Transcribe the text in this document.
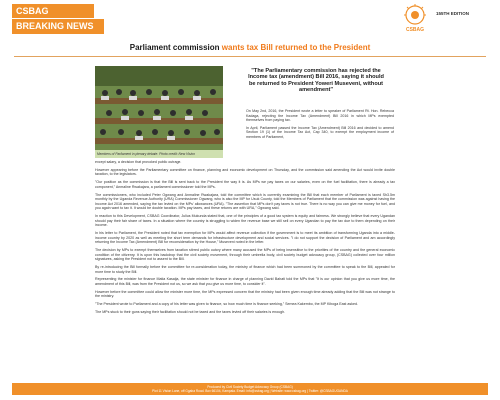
CSBAG
BREAKING NEWS	CSBAG
155TH EDITION
Parliament commission wants tax Bill returned to the President
Members of Parliament in plenary debate. Photo credit: New Vision
"The Parliamentary commission has rejected the Income tax (amendment) Bill 2016, saying it should be returned to President Yoweri Museveni, without amendment"

On May 2nd, 2016, the President wrote a letter to speaker of Parliament Rt. Hon. Rebecca Kadaga, rejecting the Income Tax (Amendment) Bill 2016 in which MPs exempted themselves from paying tax.

In April, Parliament passed the Income Tax (Amendment) Bill 2016 and decided to amend Section 19 (1) of the Income Tax Act, Cap 340, to exempt the employment income of members of Parliament,

except salary, a decision that provoked public outrage.

However appearing before the Parliamentary committee on finance, planning and economic development on Thursday, and the commission said amending the Act would invite double taxation, to the legislators.

"Our position as the commission is that the Bill is sent back to the President the way it is. As MPs we pay taxes on our salaries, even on the fuel facilitation, there is already a tax component," Anmaline Rwakajara, a parliament commissioner told the MPs.

The commissioners, who included Peter Ogwang and Anmaline Rwakajara, told the committee which is currently examining the Bill that each member of Parliament is taxed Sh3.5m monthly by the Uganda Revenue Authority (URA) Commissioner Ogwang, who is also the MP for Usuk County, told the Members of Parliament that the commission was against having the Income Act 2016 amended, saying the tax levied on the MPs' allowances (URA). "The assertion that MPs don't pay taxes is not true. There is no way you can give me money for fuel, and you again want to tax it. It would be double taxation. MPs pay taxes, and these returns are with URA," Ogwang said.

In reaction to this Development, CSBAG Coordinator, Julius Mukunda stated that, one of the principles of a good tax system is equity and fairness. We strongly believe that every Ugandan should pay their fair share of taxes. In a situation where the country is struggling to widen the revenue base we still sell on every Ugandan to pay the tax due to them depending on their income.

In his letter to Parliament, the President noted that tax exemption for MPs would affect revenue collection if the government is to meet its ambition of transforming Uganda into a middle-income country by 2020 as well as meeting the short term demands for infrastructure development and social services. "I do not support the decision of Parliament and am accordingly returning the Income Tax (Amendment) Bill for reconsideration by the House," Museveni noted in the letter.

The decision by MPs to exempt themselves from taxation stirred public outcry where many accused the MPs of being insensitive to the priorities of the country and the general economic condition of the citizenry. It is upon this backdrop that the civil society movement, through their umbrella body, civil society budget advocacy group, (CSBAG) collected over four million signatures, asking the President not to assent to the Bill.

By re-introducing the Bill formally before the committee for re-consideration today, the ministry of finance which had been summoned by the committee to speak to the Bill, appealed for more time to study the Bill.

Representing the minister for finance Matia Kasaija, the state minister for finance in charge of planning David Bahati told the MPs that "It is our opinion that you give us more time, the amendment of this Bill, was from the President not us, so we ask that you give us more time, to consider it".

However before the committee could allow the minister more time, the MPs expressed concern that the ministry had been given enough time already adding that the Bill was not strange to the ministry.

"The President wrote to Parliament and a copy of his letter was given to finance, so how much time is finance seeking," Semea Kakembo, the MP Kiboga East asked.

The MPs stuck to their guns saying their facilitation should not be taxed and the taxes levied off their salaries is enough.

Produced by Civil Society Budget Advocacy Group (CSBAG)
Plot 11 Vision Lane, off Ggaba Road. Box 66104, Kampala. Email: info@csbag.org | Website: www.csbag.org | Twitter: @CSBAGUGANDA
